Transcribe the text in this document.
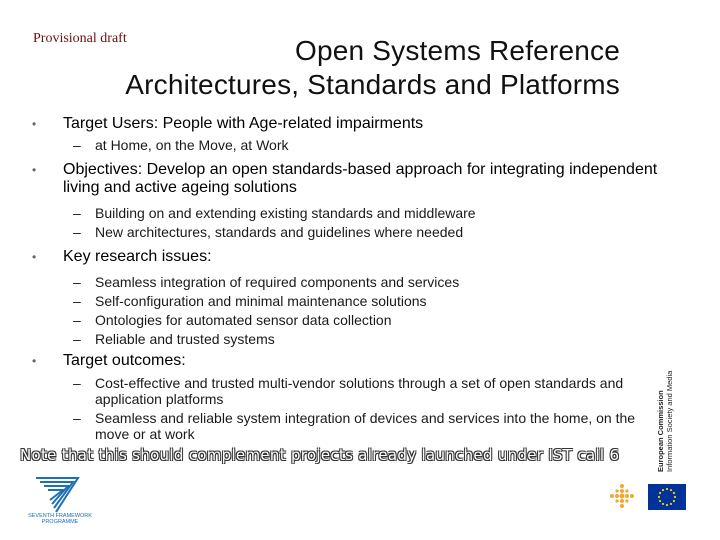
Provisional draft	Open Systems Reference
Architectures, Standards and Platforms
• Target Users: People with Age-related impairments
– at Home, on the Move, at Work
• Objectives: Develop an open standards-based approach for integrating independent living and active ageing solutions
– Building on and extending existing standards and middleware
– New architectures, standards and guidelines where needed
• Key research issues:
– Seamless integration of required components and services
– Self-configuration and minimal maintenance solutions
– Ontologies for automated sensor data collection
– Reliable and trusted systems
• Target outcomes:
– Cost-effective and trusted multi-vendor solutions through a set of open standards and application platforms
– Seamless and reliable system integration of devices and services into the home, on the move or at work
Note that this should complement projects already launched under IST call 6	European Commission Information Society and Media
SEVENTH FRAMEWORK
PROGRAMME
